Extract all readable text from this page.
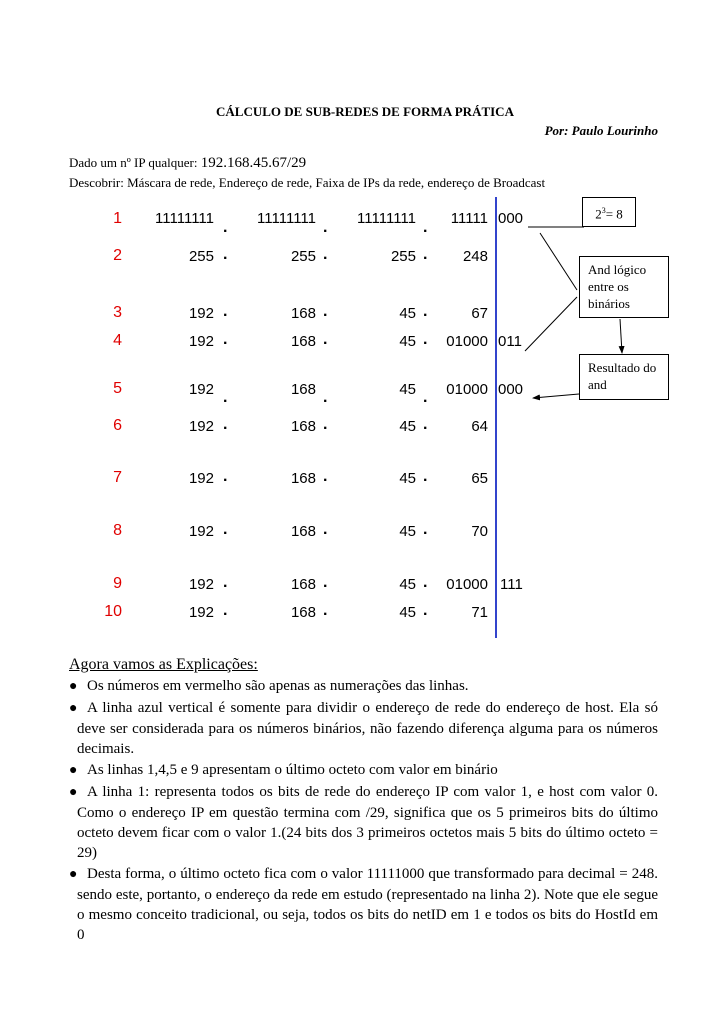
CÁLCULO DE SUB-REDES DE FORMA PRÁTICA
Por: Paulo Lourinho
Dado um nº IP qualquer: 192.168.45.67/29
Descobrir: Máscara de rede, Endereço de rede, Faixa de IPs da rede, endereço de Broadcast
1	11111111	11111111	11111111	11111 000
2	255	255	255	248
3	192	168	45	67
4	192	168	45	01000 011
5	192	168	45	01000 000
6	192	168	45	64
7	192	168	45	65
8	192	168	45	70
9	192	168	45	01000 111
10	192	168	45	71
.	.	.
.	.	.
.	.	.
.	.	.
.	.	.
.	.	.
.	.	.
.	.	.
.	.	.
.	.	.
$2^3= 8$
And lógico entre os binários
Resultado do and
Agora vamos as Explicações:
● Os números em vermelho são apenas as numerações das linhas.
● A linha azul vertical é somente para dividir o endereço de rede do endereço de host. Ela só deve ser considerada para os números binários, não fazendo diferença alguma para os números decimais.
● As linhas 1,4,5 e 9 apresentam o último octeto com valor em binário
● A linha 1: representa todos os bits de rede do endereço IP com valor 1, e host com valor 0. Como o endereço IP em questão termina com /29, significa que os 5 primeiros bits do último octeto devem ficar com o valor 1.(24 bits dos 3 primeiros octetos mais 5 bits do último octeto = 29)
● Desta forma, o último octeto fica com o valor 11111000 que transformado para decimal = 248. sendo este, portanto, o endereço da rede em estudo (representado na linha 2). Note que ele segue o mesmo conceito tradicional, ou seja, todos os bits do netID em 1 e todos os bits do HostId em 0
